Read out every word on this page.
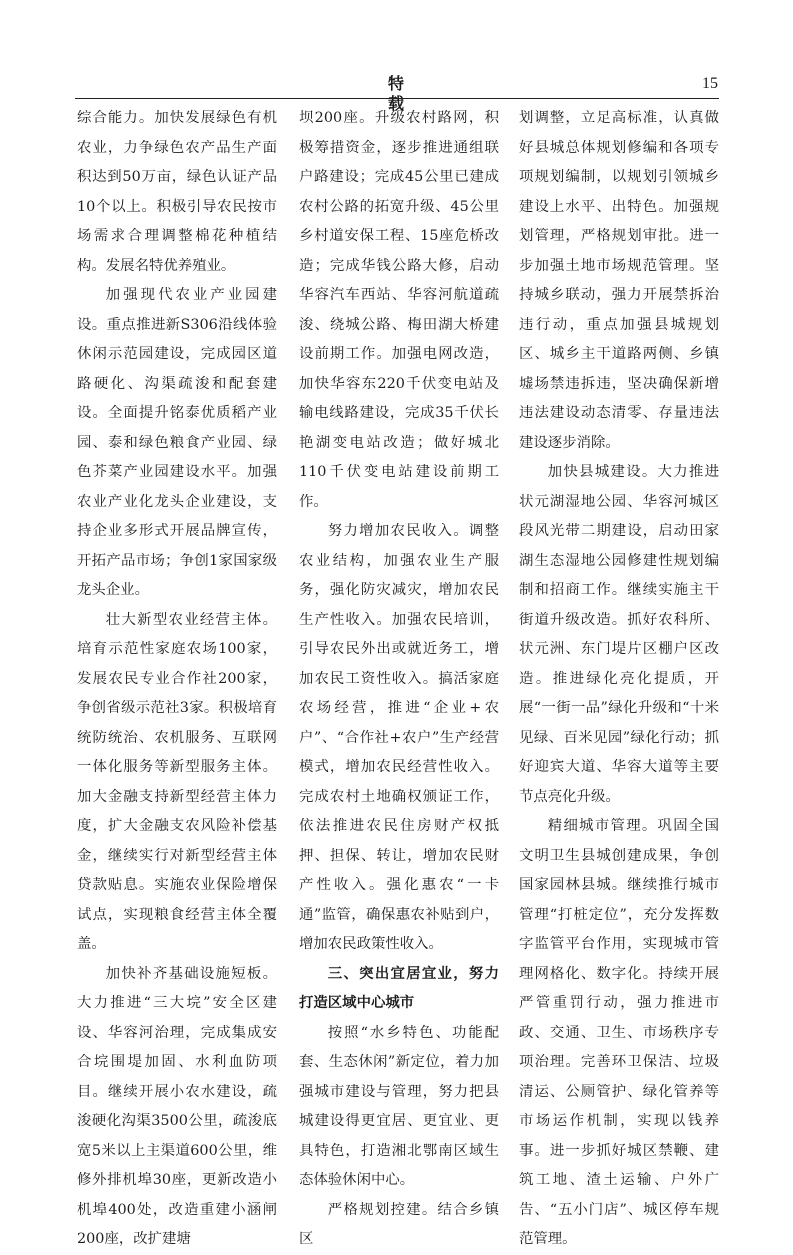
特 载
15

综合能力。加快发展绿色有机农业，力争绿色农产品生产面积达到50万亩，绿色认证产品10个以上。积极引导农民按市场需求合理调整棉花种植结构。发展名特优养殖业。

加强现代农业产业园建设。重点推进新S306沿线体验休闲示范园建设，完成园区道路硬化、沟渠疏浚和配套建设。全面提升铭泰优质稻产业园、泰和绿色粮食产业园、绿色芥菜产业园建设水平。加强农业产业化龙头企业建设，支持企业多形式开展品牌宣传，开拓产品市场；争创1家国家级龙头企业。

壮大新型农业经营主体。培育示范性家庭农场100家，发展农民专业合作社200家，争创省级示范社3家。积极培育统防统治、农机服务、互联网一体化服务等新型服务主体。加大金融支持新型经营主体力度，扩大金融支农风险补偿基金，继续实行对新型经营主体贷款贴息。实施农业保险增保试点，实现粮食经营主体全覆盖。

加快补齐基础设施短板。大力推进“三大垸”安全区建设、华容河治理，完成集成安合垸围堤加固、水利血防项目。继续开展小农水建设，疏浚硬化沟渠3500公里，疏浚底宽5米以上主渠道600公里，维修外排机埠30座，更新改造小机埠400处，改造重建小涵闸200座，改扩建塘

坝200座。升级农村路网，积极筹措资金，逐步推进通组联户路建设；完成45公里已建成农村公路的拓宽升级、45公里乡村道安保工程、15座危桥改造；完成华钱公路大修，启动华容汽车西站、华容河航道疏浚、绕城公路、梅田湖大桥建设前期工作。加强电网改造，加快华容东220千伏变电站及输电线路建设，完成35千伏长艳湖变电站改造；做好城北110千伏变电站建设前期工作。

努力增加农民收入。调整农业结构，加强农业生产服务，强化防灾减灾，增加农民生产性收入。加强农民培训，引导农民外出或就近务工，增加农民工资性收入。搞活家庭农场经营，推进“企业+农户”、“合作社+农户”生产经营模式，增加农民经营性收入。完成农村土地确权颁证工作，依法推进农民住房财产权抵押、担保、转让，增加农民财产性收入。强化惠农“一卡通”监管，确保惠农补贴到户，增加农民政策性收入。

三、突出宜居宜业，努力打造区域中心城市

按照“水乡特色、功能配套、生态休闲”新定位，着力加强城市建设与管理，努力把县城建设得更宜居、更宜业、更具特色，打造湘北鄂南区域生态体验休闲中心。

严格规划控建。结合乡镇区

划调整，立足高标准，认真做好县城总体规划修编和各项专项规划编制，以规划引领城乡建设上水平、出特色。加强规划管理，严格规划审批。进一步加强土地市场规范管理。坚持城乡联动，强力开展禁拆治违行动，重点加强县城规划区、城乡主干道路两侧、乡镇墟场禁违拆违，坚决确保新增违法建设动态清零、存量违法建设逐步消除。

加快县城建设。大力推进状元湖湿地公园、华容河城区段风光带二期建设，启动田家湖生态湿地公园修建性规划编制和招商工作。继续实施主干街道升级改造。抓好农科所、状元洲、东门堤片区棚户区改造。推进绿化亮化提质，开展“一街一品”绿化升级和“十米见绿、百米见园”绿化行动；抓好迎宾大道、华容大道等主要节点亮化升级。

精细城市管理。巩固全国文明卫生县城创建成果，争创国家园林县城。继续推行城市管理“打桩定位”，充分发挥数字监管平台作用，实现城市管理网格化、数字化。持续开展严管重罚行动，强力推进市政、交通、卫生、市场秩序专项治理。完善环卫保洁、垃圾清运、公厕管护、绿化管养等市场运作机制，实现以钱养事。进一步抓好城区禁鞭、建筑工地、渣土运输、户外广告、“五小门店”、城区停车规范管理。
